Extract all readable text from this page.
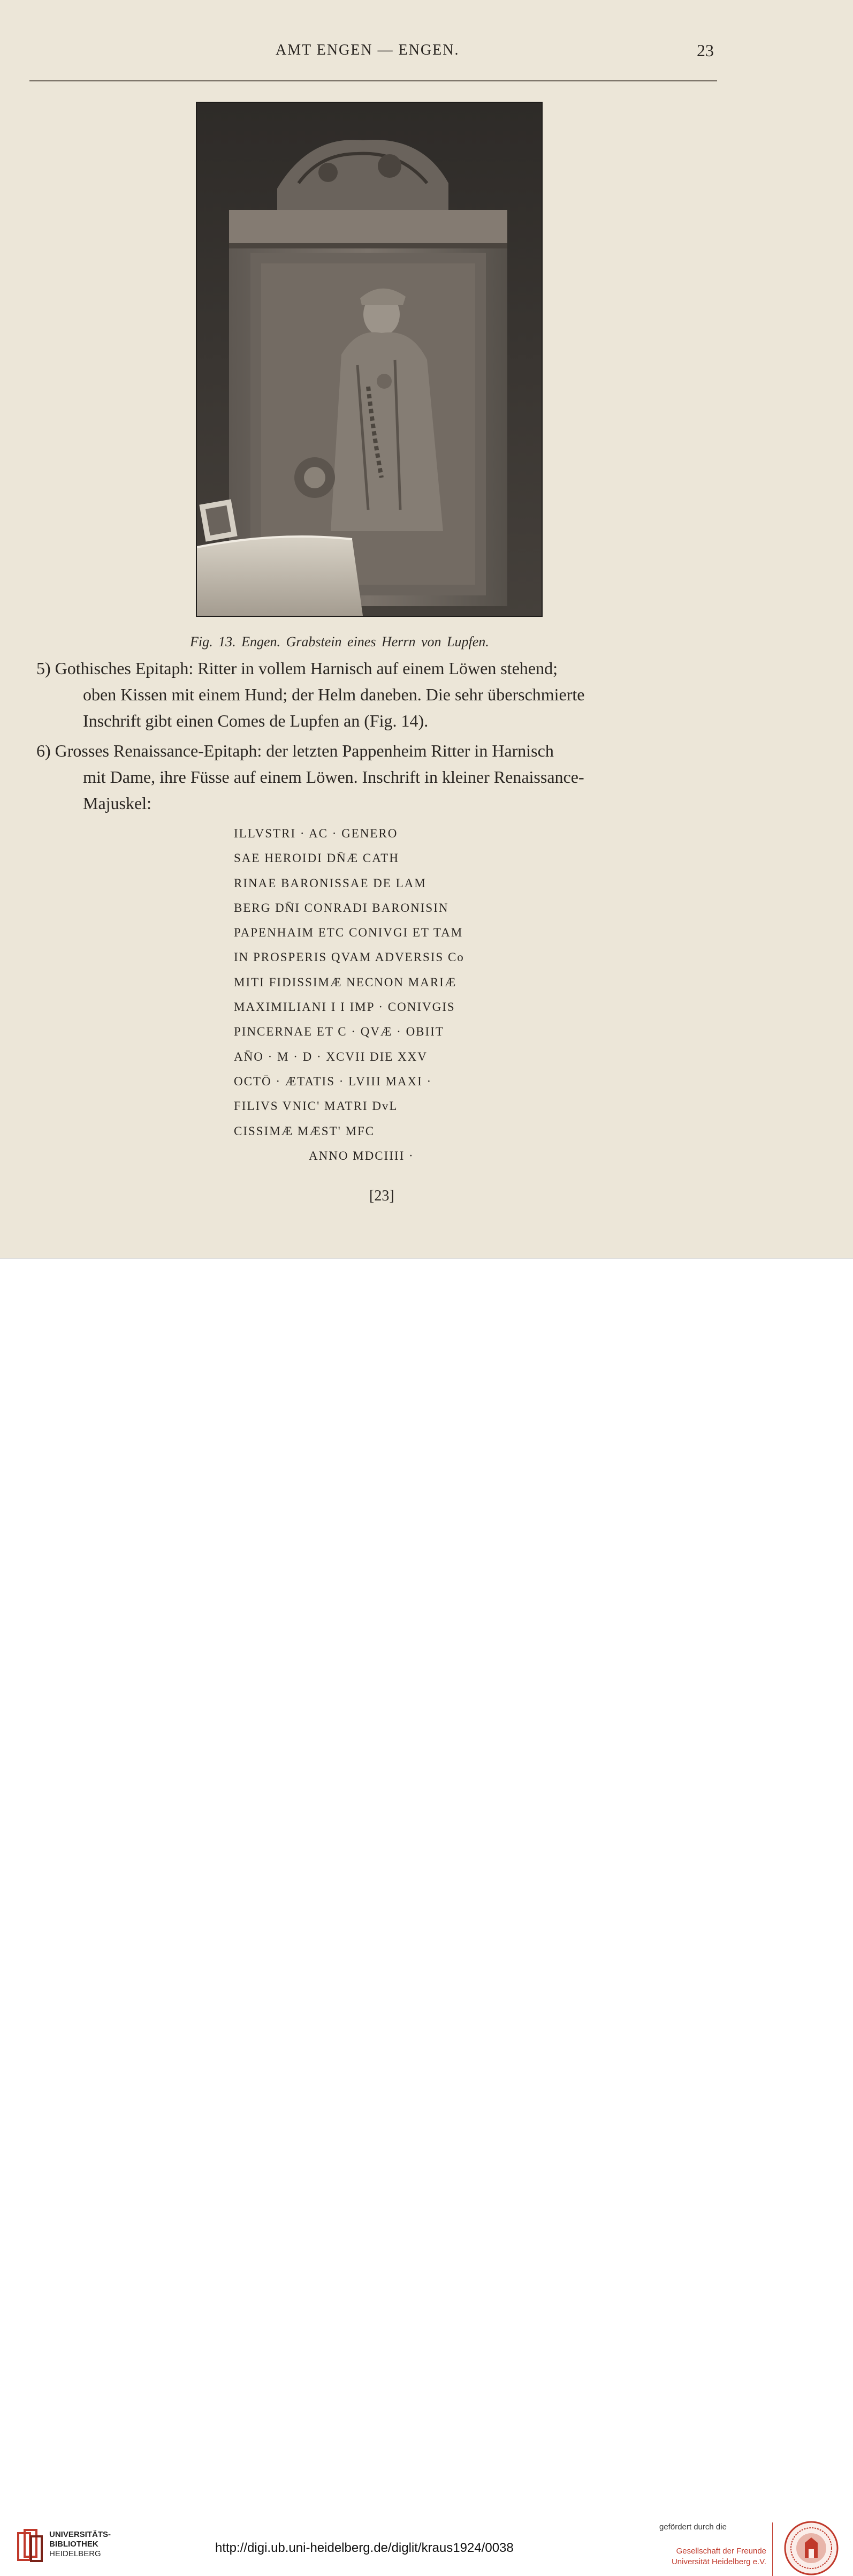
AMT ENGEN — ENGEN.	23
Fig. 13. Engen. Grabstein eines Herrn von Lupfen.
5) Gothisches Epitaph: Ritter in vollem Harnisch auf einem Löwen stehend;
oben Kissen mit einem Hund; der Helm daneben. Die sehr überschmierte
Inschrift gibt einen Comes de Lupfen an (Fig. 14).
6) Grosses Renaissance-Epitaph: der letzten Pappenheim Ritter in Harnisch
mit Dame, ihre Füsse auf einem Löwen. Inschrift in kleiner Renaissance-
Majuskel:
ILLVSTRI · AC · GENERO
SAE HEROIDI DN̄Æ CATH
RINAE BARONISSAE DE LAM
BERG DN̄I CONRADI BARONISIN
PAPENHAIM ETC CONIVGI ET TAM
IN PROSPERIS QVAM ADVERSIS Co
MITI FIDISSIMÆ NECNON MARIÆ
MAXIMILIANI I I IMP · CONIVGIS
PINCERNAE ET C · QVÆ · OBIIT
AN̄O · M · D · XCVII DIE XXV
OCTŌ · ÆTATIS · LVIII MAXI ·
FILIVS VNIC' MATRI DvL
CISSIMÆ MÆST' MFC
ANNO MDCIIII ·
[23]
UNIVERSITÄTS-
BIBLIOTHEK
HEIDELBERG	http://digi.ub.uni-heidelberg.de/diglit/kraus1924/0038
gefördert durch die
Gesellschaft der Freunde
Universität Heidelberg e.V.
